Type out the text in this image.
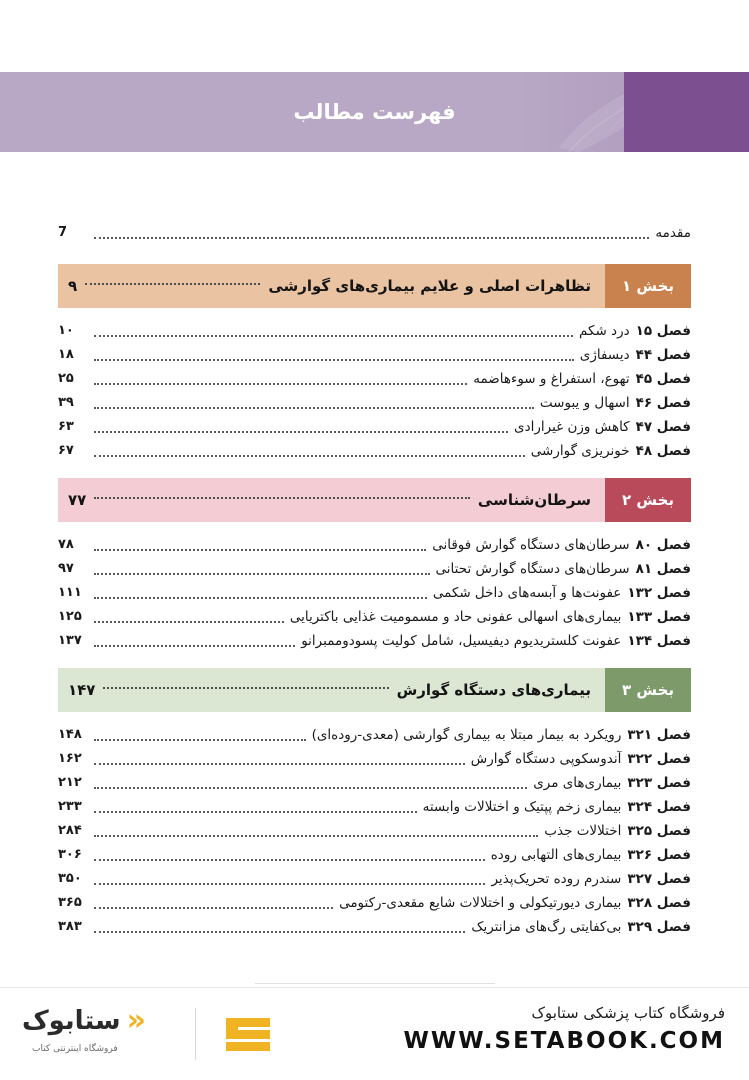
فهرست مطالب
مقدمه
7
بخش ۱
تظاهرات اصلی و علایم بیماری‌های گوارشی
۹
فصل ۱۵
درد شکم
۱۰
فصل ۴۴
دیسفاژی
۱۸
فصل ۴۵
تهوع، استفراغ و سوءهاضمه
۲۵
فصل ۴۶
اسهال و یبوست
۳۹
فصل ۴۷
کاهش وزن غیرارادی
۶۳
فصل ۴۸
خونریزی گوارشی
۶۷
بخش ۲
سرطان‌شناسی
۷۷
فصل ۸۰
سرطان‌های دستگاه گوارش فوقانی
۷۸
فصل ۸۱
سرطان‌های دستگاه گوارش تحتانی
۹۷
فصل ۱۳۲
عفونت‌ها و آبسه‌های داخل شکمی
۱۱۱
فصل ۱۳۳
بیماری‌های اسهالی عفونی حاد و مسمومیت غذایی باکتریایی
۱۲۵
فصل ۱۳۴
عفونت کلستریدیوم دیفیسیل، شامل کولیت پسودوممبرانو
۱۳۷
بخش ۳
بیماری‌های دستگاه گوارش
۱۴۷
فصل ۳۲۱
رویکرد به بیمار مبتلا به بیماری گوارشی (معدی-روده‌ای)
۱۴۸
فصل ۳۲۲
آندوسکوپی دستگاه گوارش
۱۶۲
فصل ۳۲۳
بیماری‌های مری
۲۱۲
فصل ۳۲۴
بیماری زخم پپتیک و اختلالات وابسته
۲۳۳
فصل ۳۲۵
اختلالات جذب
۲۸۴
فصل ۳۲۶
بیماری‌های التهابی روده
۳۰۶
فصل ۳۲۷
سندرم روده تحریک‌پذیر
۳۵۰
فصل ۳۲۸
بیماری دیورتیکولی و اختلالات شایع مقعدی-رکتومی
۳۶۵
فصل ۳۲۹
بی‌کفایتی رگ‌های مزانتریک
۳۸۳
«
ستابوک
فروشگاه اینترنتی کتاب
فروشگاه کتاب پزشکی ستابوک
WWW.SETABOOK.COM
